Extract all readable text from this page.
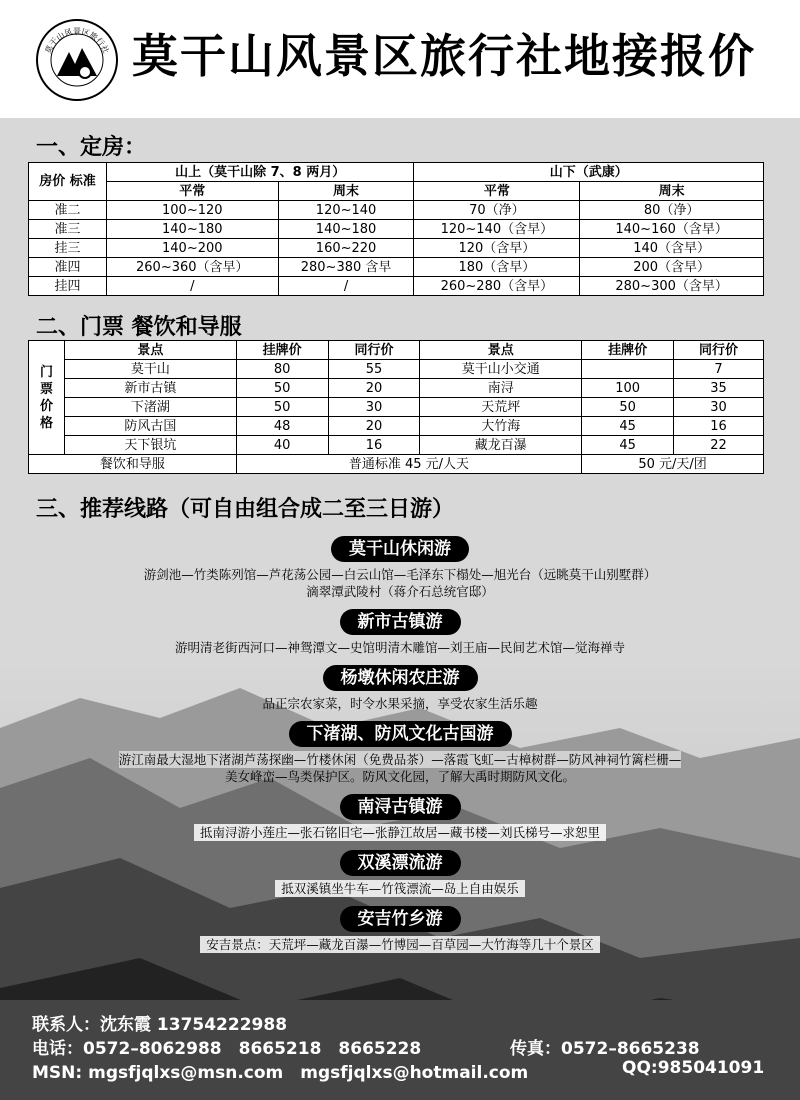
莫干山风景区旅行社 莫干山风景区旅行社地接报价
一、定房：
房价 标准	山上（莫干山除 7、8 两月）		山下（武康）	
	平常	周末	平常	周末
准二	100~120	120~140	70（净）	80（净）
准三	140~180	140~180	120~140（含早）	140~160（含早）
挂三	140~200	160~220	120（含早）	140（含早）
准四	260~360（含早）	280~380 含早	180（含早）	200（含早）
挂四	/	/	260~280（含早）	280~300（含早）
二、门票 餐饮和导服
门票价格	景点	挂牌价	同行价	景点	挂牌价	同行价
	莫干山	80	55	莫干山小交通		7
	新市古镇	50	20	南浔	100	35
	下渚湖	50	30	天荒坪	50	30
	防风古国	48	20	大竹海	45	16
	天下银坑	40	16	藏龙百瀑	45	22
餐饮和导服		普通标准 45 元/人天			50 元/天/团	
三、推荐线路（可自由组合成二至三日游）
莫干山休闲游
游剑池—竹类陈列馆—芦花荡公园—白云山馆—毛泽东下榻处—旭光台（远眺莫干山别墅群）
滴翠潭武陵村（蒋介石总统官邸）
新市古镇游
游明清老街西河口—神鸳潭文—史馆明清木雕馆—刘王庙—民间艺术馆—觉海禅寺
杨墩休闲农庄游
品正宗农家菜，时令水果采摘，享受农家生活乐趣
下渚湖、防风文化古国游
游江南最大湿地下渚湖芦荡探幽—竹楼休闲（免费品茶）—落霞飞虹—古樟树群—防风神祠竹篱栏栅—
美女峰峦—鸟类保护区。防风文化园，了解大禹时期防风文化。
南浔古镇游
抵南浔游小莲庄—张石铭旧宅—张静江故居—藏书楼—刘氏梯号—求恕里
双溪漂流游
抵双溪镇坐牛车—竹筏漂流—岛上自由娱乐
安吉竹乡游
安吉景点：天荒坪—藏龙百瀑—竹博园—百草园—大竹海等几十个景区
联系人：沈东霞 13754222988
电话：0572–8062988　8665218　8665228	传真：0572–8665238
MSN: mgsfjqlxs@msn.com　mgsfjqlxs@hotmail.com	QQ:985041091
